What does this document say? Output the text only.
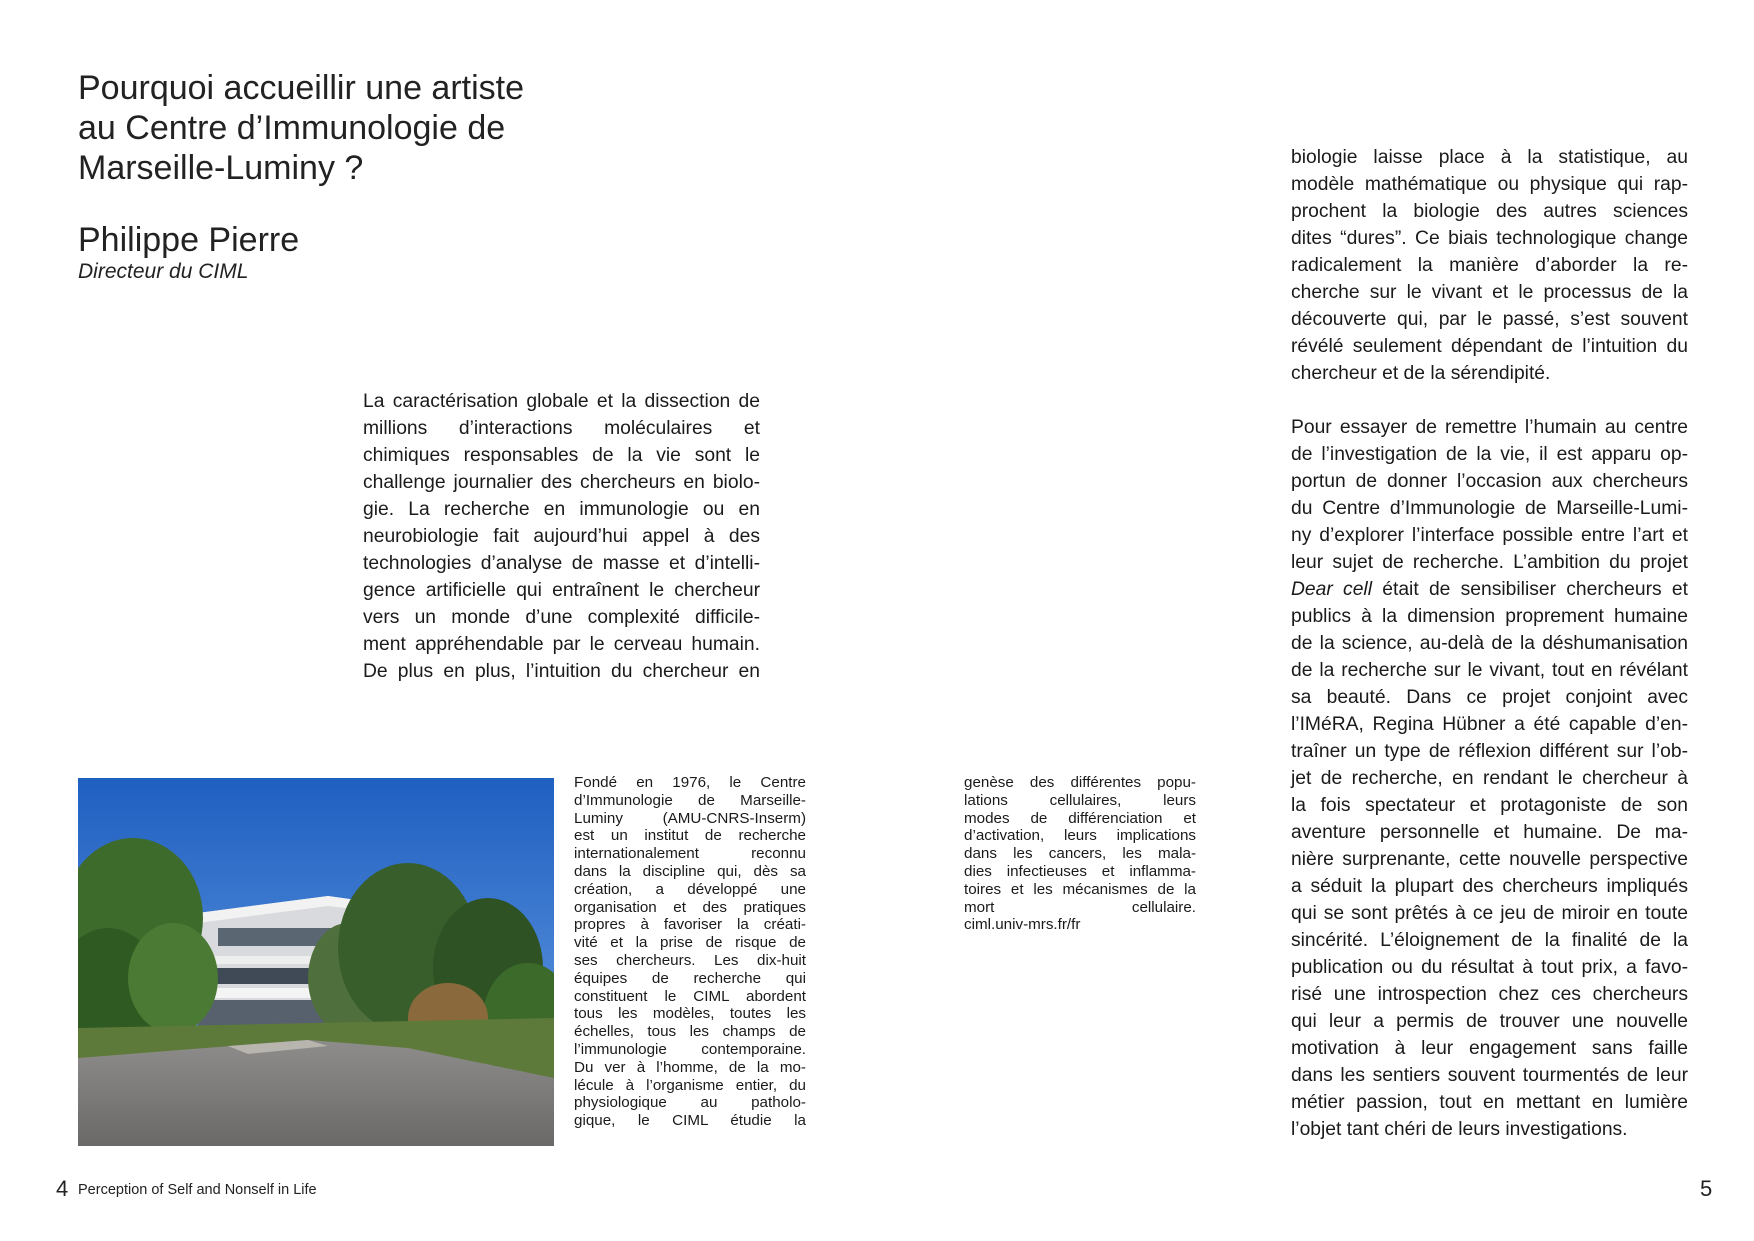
Pourquoi accueillir une artiste
au Centre d’Immunologie de
Marseille-Luminy ?
Philippe Pierre
Directeur du CIML
La caractérisation globale et la dissection de
millions d’interactions moléculaires et
chimiques responsables de la vie sont le
challenge journalier des chercheurs en biolo-
gie. La recherche en immunologie ou en
neurobiologie fait aujourd’hui appel à des
technologies d’analyse de masse et d’intelli-
gence artificielle qui entraînent le chercheur
vers un monde d’une complexité difficile-
ment appréhendable par le cerveau humain.
De plus en plus, l’intuition du chercheur en
Fondé en 1976, le Centre
d’Immunologie de Marseille-
Luminy (AMU-CNRS-Inserm)
est un institut de recherche
internationalement reconnu
dans la discipline qui, dès sa
création, a développé une
organisation et des pratiques
propres à favoriser la créati-
vité et la prise de risque de
ses chercheurs. Les dix-huit
équipes de recherche qui
constituent le CIML abordent
tous les modèles, toutes les
échelles, tous les champs de
l’immunologie contemporaine.
Du ver à l’homme, de la mo-
lécule à l’organisme entier, du
physiologique au patholo-
gique, le CIML étudie la
genèse des différentes popu-
lations cellulaires, leurs
modes de différenciation et
d’activation, leurs implications
dans les cancers, les mala-
dies infectieuses et inflamma-
toires et les mécanismes de la
mort cellulaire.
ciml.univ-mrs.fr/fr
biologie laisse place à la statistique, au
modèle mathématique ou physique qui rap-
prochent la biologie des autres sciences
dites “dures”. Ce biais technologique change
radicalement la manière d’aborder la re-
cherche sur le vivant et le processus de la
découverte qui, par le passé, s’est souvent
révélé seulement dépendant de l’intuition du
chercheur et de la sérendipité.

Pour essayer de remettre l’humain au centre
de l’investigation de la vie, il est apparu op-
portun de donner l’occasion aux chercheurs
du Centre d’Immunologie de Marseille-Lumi-
ny d’explorer l’interface possible entre l’art et
leur sujet de recherche. L’ambition du projet
Dear cell était de sensibiliser chercheurs et
publics à la dimension proprement humaine
de la science, au-delà de la déshumanisation
de la recherche sur le vivant, tout en révélant
sa beauté. Dans ce projet conjoint avec
l’IMéRA, Regina Hübner a été capable d’en-
traîner un type de réflexion différent sur l’ob-
jet de recherche, en rendant le chercheur à
la fois spectateur et protagoniste de son
aventure personnelle et humaine. De ma-
nière surprenante, cette nouvelle perspective
a séduit la plupart des chercheurs impliqués
qui se sont prêtés à ce jeu de miroir en toute
sincérité. L’éloignement de la finalité de la
publication ou du résultat à tout prix, a favo-
risé une introspection chez ces chercheurs
qui leur a permis de trouver une nouvelle
motivation à leur engagement sans faille
dans les sentiers souvent tourmentés de leur
métier passion, tout en mettant en lumière
l’objet tant chéri de leurs investigations.
4 Perception of Self and Nonself in Life	5
